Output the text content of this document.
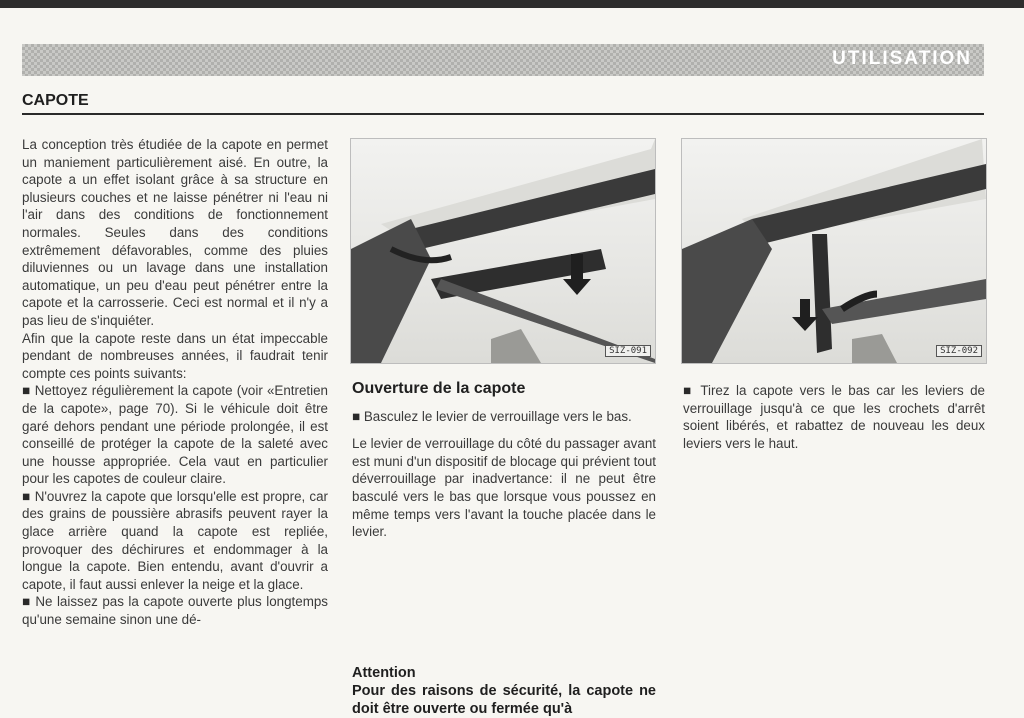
UTILISATION
CAPOTE

La conception très étudiée de la capote en permet un maniement particulièrement aisé. En outre, la capote a un effet isolant grâce à sa structure en plusieurs couches et ne laisse pénétrer ni l'eau ni l'air dans des conditions de fonctionnement normales. Seules dans des conditions extrêmement défavorables, comme des pluies diluviennes ou un lavage dans une installation automatique, un peu d'eau peut pénétrer entre la capote et la carrosserie. Ceci est normal et il n'y a pas lieu de s'inquiéter.

Afin que la capote reste dans un état impeccable pendant de nombreuses années, il faudrait tenir compte ces points suivants:

■ Nettoyez régulièrement la capote (voir «Entretien de la capote», page 70). Si le véhicule doit être garé dehors pendant une période prolongée, il est conseillé de protéger la capote de la saleté avec une housse appropriée. Cela vaut en particulier pour les capotes de couleur claire.

■ N'ouvrez la capote que lorsqu'elle est propre, car des grains de poussière abrasifs peuvent rayer la glace arrière quand la capote est repliée, provoquer des déchirures et endommager à la longue la capote. Bien entendu, avant d'ouvrir a capote, il faut aussi enlever la neige et la glace.

■ Ne laissez pas la capote ouverte plus longtemps qu'une semaine sinon une dé-

SIZ-091	SIZ-092

Ouverture de la capote

■ Basculez le levier de verrouillage vers le bas.

Le levier de verrouillage du côté du passager avant est muni d'un dispositif de blocage qui prévient tout déverrouillage par inadvertance: il ne peut être basculé vers le bas que lorsque vous poussez en même temps vers l'avant la touche placée dans le levier.

■ Tirez la capote vers le bas car les leviers de verrouillage jusqu'à ce que les crochets d'arrêt soient libérés, et rabattez de nouveau les deux leviers vers le haut.

Attention
Pour des raisons de sécurité, la capote ne doit être ouverte ou fermée qu'à
